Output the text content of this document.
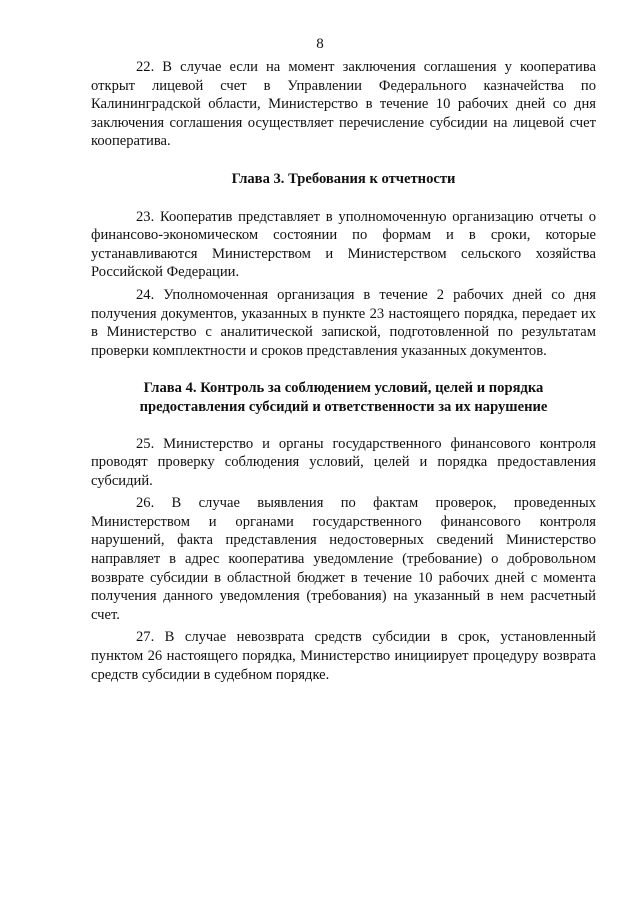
8

22. В случае если на момент заключения соглашения у кооператива открыт лицевой счет в Управлении Федерального казначейства по Калининградской области, Министерство в течение 10 рабочих дней со дня заключения соглашения осуществляет перечисление субсидии на лицевой счет кооператива.

Глава 3. Требования к отчетности

23. Кооператив представляет в уполномоченную организацию отчеты о финансово-экономическом состоянии по формам и в сроки, которые устанавливаются Министерством и Министерством сельского хозяйства Российской Федерации.

24. Уполномоченная организация в течение 2 рабочих дней со дня получения документов, указанных в пункте 23 настоящего порядка, передает их в Министерство с аналитической запиской, подготовленной по результатам проверки комплектности и сроков представления указанных документов.

Глава 4. Контроль за соблюдением условий, целей и порядка
предоставления субсидий и ответственности за их нарушение

25. Министерство и органы государственного финансового контроля проводят проверку соблюдения условий, целей и порядка предоставления субсидий.

26. В случае выявления по фактам проверок, проведенных Министерством и органами государственного финансового контроля нарушений, факта представления недостоверных сведений Министерство направляет в адрес кооператива уведомление (требование) о добровольном возврате субсидии в областной бюджет в течение 10 рабочих дней с момента получения данного уведомления (требования) на указанный в нем расчетный счет.

27. В случае невозврата средств субсидии в срок, установленный пунктом 26 настоящего порядка, Министерство инициирует процедуру возврата средств субсидии в судебном порядке.
